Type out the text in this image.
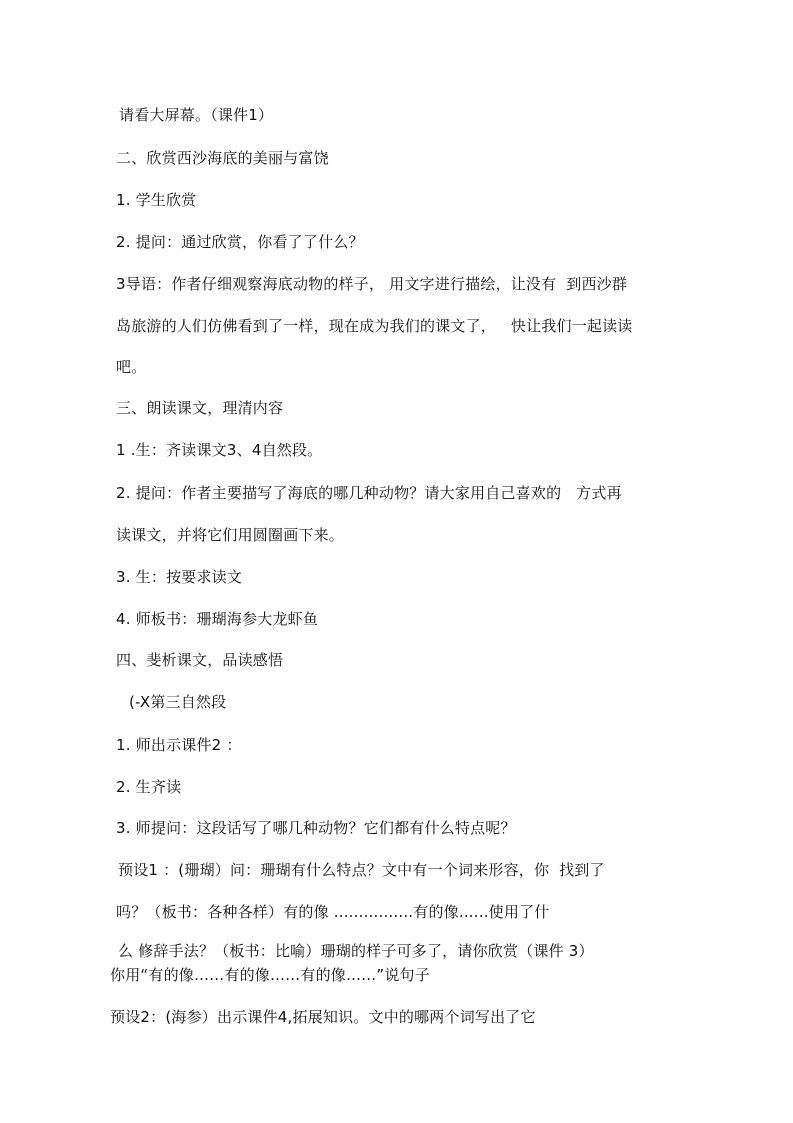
请看大屏幕。（课件1）
二、欣赏西沙海底的美丽与富饶
1. 学生欣赏
2. 提问：通过欣赏，你看了了什么？
3导语：作者仔细观察海底动物的样子， 用文字进行描绘，让没有  到西沙群
岛旅游的人们仿佛看到了一样，现在成为我们的课文了，   快让我们一起读读
吧。
三、朗读课文，理清内容
1 .生：齐读课文3、4自然段。
2. 提问：作者主要描写了海底的哪几种动物？请大家用自己喜欢的   方式再
读课文，并将它们用圆圈画下来。
3. 生：按要求读文
4. 师板书：珊瑚海参大龙虾鱼
四、斐析课文，品读感悟
(-X第三自然段
1. 师出示课件2 ：
2. 生齐读
3. 师提问：这段话写了哪几种动物？它们都有什么特点呢？
预设1 ：(珊瑚）问：珊瑚有什么特点？文中有一个词来形容，你  找到了
吗？（板书：各种各样）有的像 ................有的像......使用了什
么 修辞手法？（板书：比喻）珊瑚的样子可多了，请你欣赏（课件 3）
你用“有的像……有的像……有的像……”说句子
预设2：(海参）出示课件4,拓展知识。文中的哪两个词写出了它
